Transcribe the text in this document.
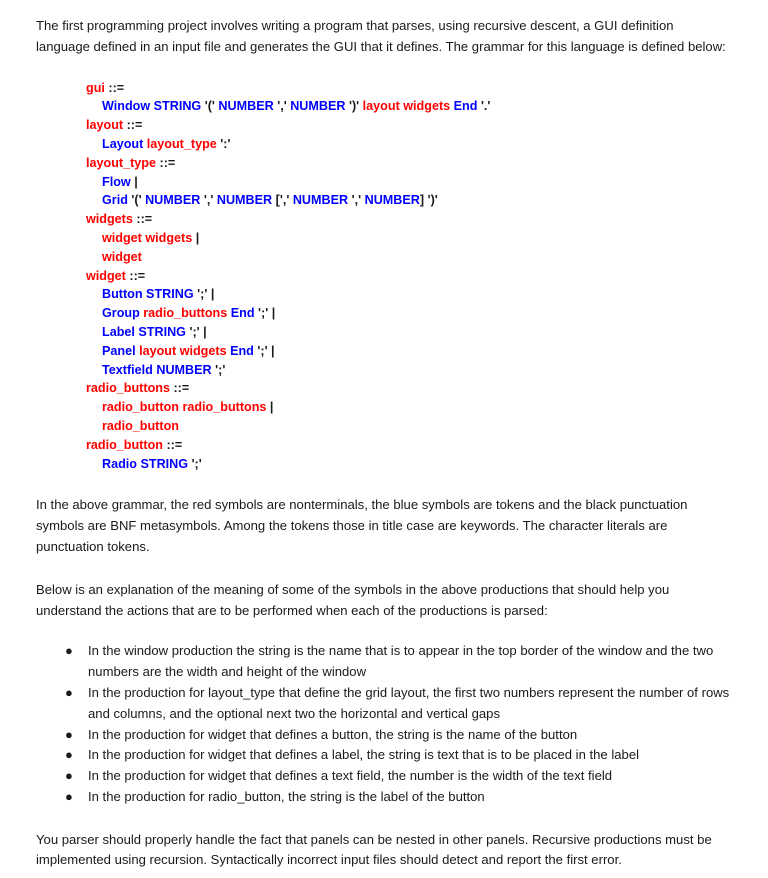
The first programming project involves writing a program that parses, using recursive descent, a GUI definition language defined in an input file and generates the GUI that it defines. The grammar for this language is defined below:

gui ::=
Window STRING '(' NUMBER ',' NUMBER ')' layout widgets End '.'
layout ::=
Layout layout_type ':'
layout_type ::=
Flow |
Grid '(' NUMBER ',' NUMBER [',' NUMBER ',' NUMBER] ')'
widgets ::=
widget widgets |
widget
widget ::=
Button STRING ';' |
Group radio_buttons End ';' |
Label STRING ';' |
Panel layout widgets End ';' |
Textfield NUMBER ';'
radio_buttons ::=
radio_button radio_buttons |
radio_button
radio_button ::=
Radio STRING ';'

In the above grammar, the red symbols are nonterminals, the blue symbols are tokens and the black punctuation symbols are BNF metasymbols. Among the tokens those in title case are keywords. The character literals are punctuation tokens.

Below is an explanation of the meaning of some of the symbols in the above productions that should help you understand the actions that are to be performed when each of the productions is parsed:

● In the window production the string is the name that is to appear in the top border of the window and the two numbers are the width and height of the window
● In the production for layout_type that define the grid layout, the first two numbers represent the number of rows and columns, and the optional next two the horizontal and vertical gaps
● In the production for widget that defines a button, the string is the name of the button
● In the production for widget that defines a label, the string is text that is to be placed in the label
● In the production for widget that defines a text field, the number is the width of the text field
● In the production for radio_button, the string is the label of the button

You parser should properly handle the fact that panels can be nested in other panels. Recursive productions must be implemented using recursion. Syntactically incorrect input files should detect and report the first error.
